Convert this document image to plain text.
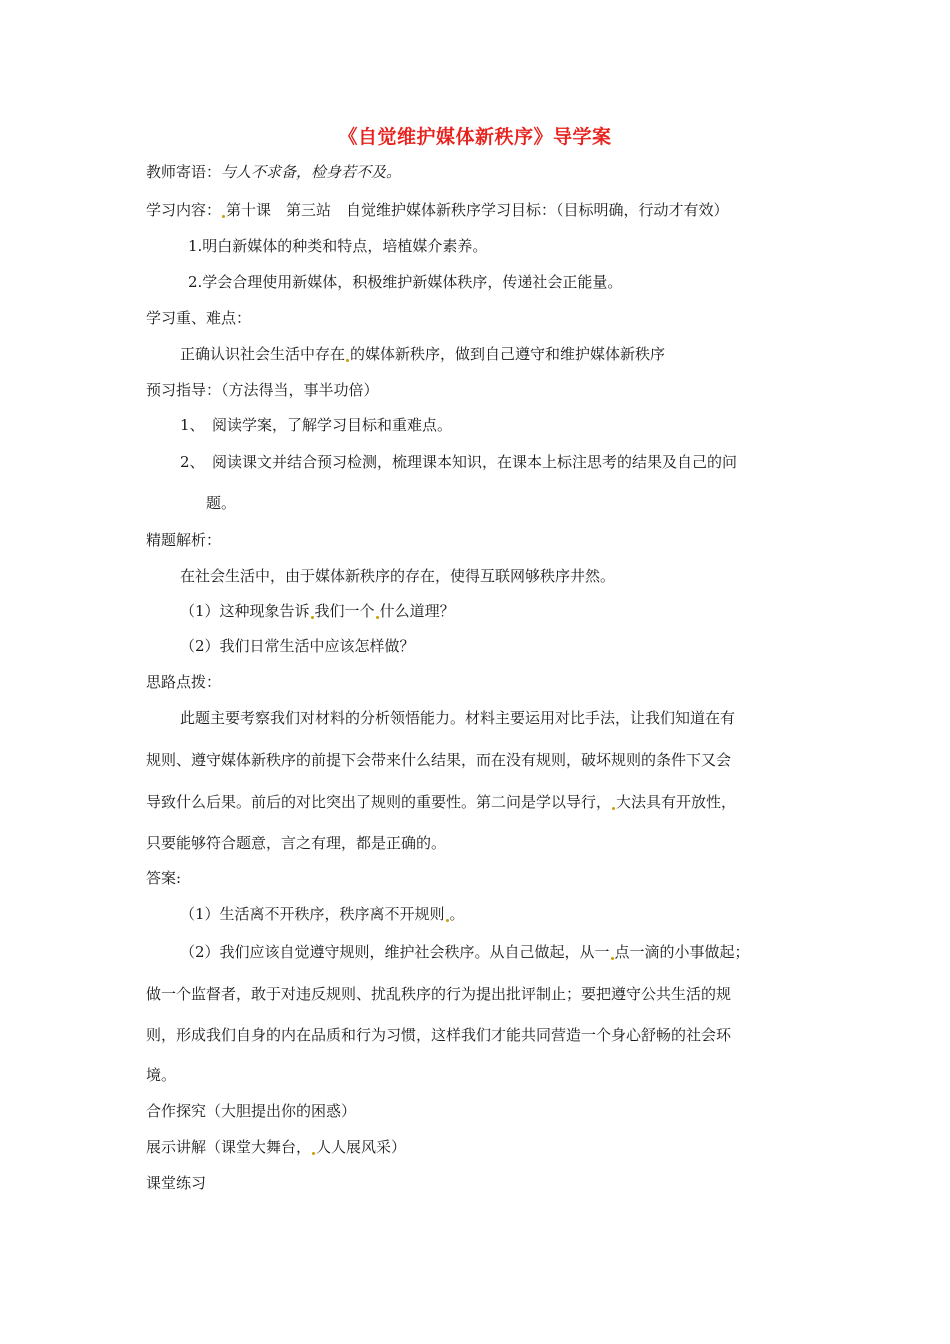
《自觉维护媒体新秩序》导学案
教师寄语：与人不求备，检身若不及。
学习内容： 第十课　第三站　自觉维护媒体新秩序学习目标：（目标明确，行动才有效）
1.明白新媒体的种类和特点，培植媒介素养。
2.学会合理使用新媒体，积极维护新媒体秩序，传递社会正能量。
学习重、难点：
正确认识社会生活中存在 的媒体新秩序，做到自己遵守和维护媒体新秩序
预习指导：（方法得当，事半功倍）
1、　阅读学案，了解学习目标和重难点。
2、　阅读课文并结合预习检测，梳理课本知识，在课本上标注思考的结果及自己的问
题。
精题解析：
在社会生活中，由于媒体新秩序的存在，使得互联网够秩序井然。
（1）这种现象告诉 我们一个 什么道理？
（2）我们日常生活中应该怎样做？
思路点拨：
此题主要考察我们对材料的分析领悟能力。材料主要运用对比手法，让我们知道在有
规则、遵守媒体新秩序的前提下会带来什么结果，而在没有规则，破坏规则的条件下又会
导致什么后果。前后的对比突出了规则的重要性。第二问是学以导行， 大法具有开放性，
只要能够符合题意，言之有理，都是正确的。
答案:
（1）生活离不开秩序，秩序离不开规则 。
（2）我们应该自觉遵守规则，维护社会秩序。从自己做起，从一 点一滴的小事做起；
做一个监督者，敢于对违反规则、扰乱秩序的行为提出批评制止；要把遵守公共生活的规
则，形成我们自身的内在品质和行为习惯，这样我们才能共同营造一个身心舒畅的社会环
境。
合作探究（大胆提出你的困惑）
展示讲解（课堂大舞台， 人人展风采）
课堂练习
